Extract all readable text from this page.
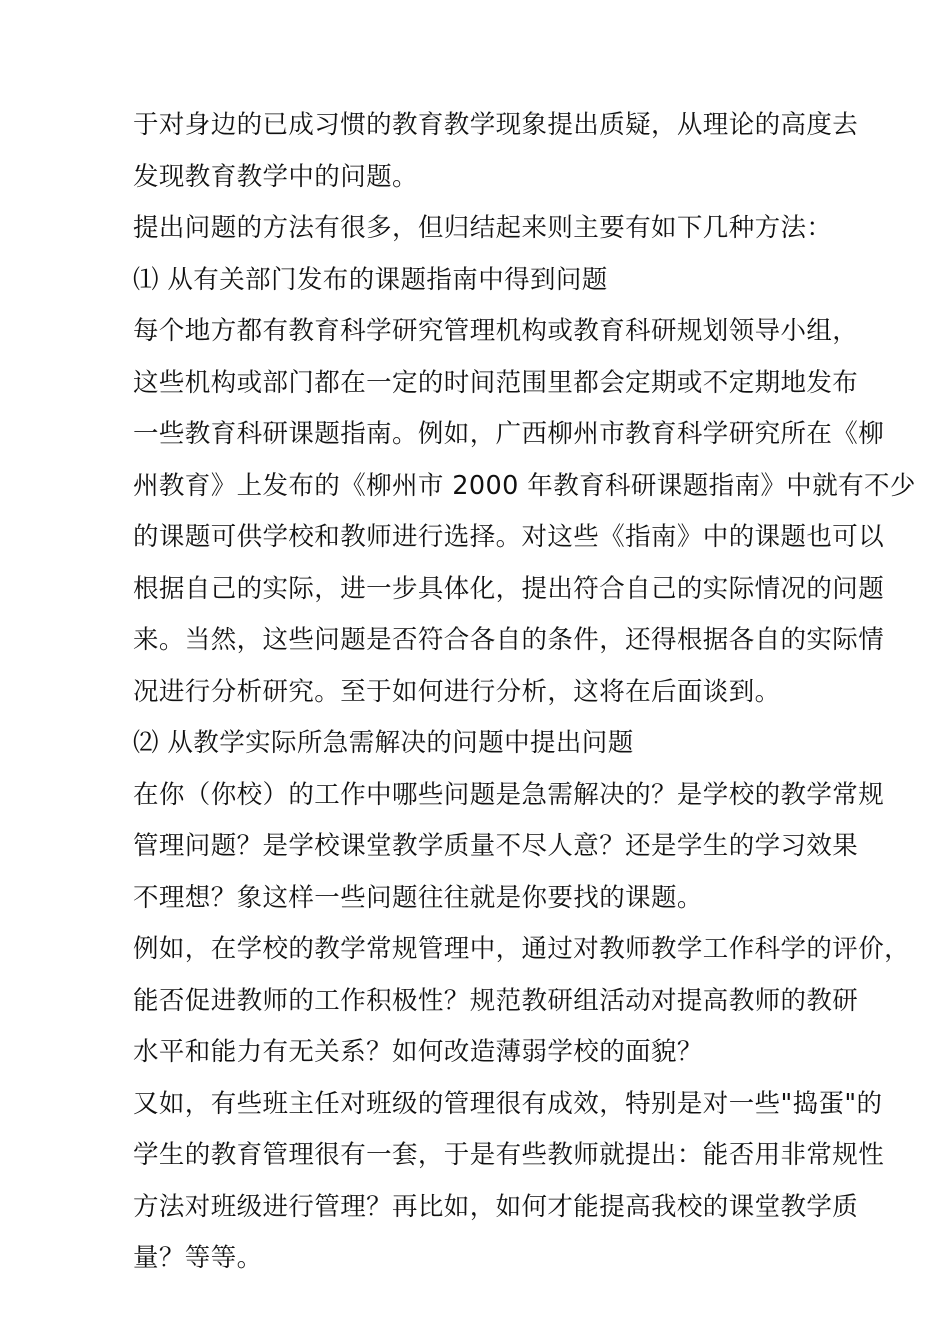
于对身边的已成习惯的教育教学现象提出质疑，从理论的高度去
发现教育教学中的问题。
提出问题的方法有很多，但归结起来则主要有如下几种方法：
⑴ 从有关部门发布的课题指南中得到问题
每个地方都有教育科学研究管理机构或教育科研规划领导小组，
这些机构或部门都在一定的时间范围里都会定期或不定期地发布
一些教育科研课题指南。例如，广西柳州市教育科学研究所在《柳
州教育》上发布的《柳州市 2000 年教育科研课题指南》中就有不少
的课题可供学校和教师进行选择。对这些《指南》中的课题也可以
根据自己的实际，进一步具体化，提出符合自己的实际情况的问题
来。当然，这些问题是否符合各自的条件，还得根据各自的实际情
况进行分析研究。至于如何进行分析，这将在后面谈到。
⑵ 从教学实际所急需解决的问题中提出问题
在你（你校）的工作中哪些问题是急需解决的？是学校的教学常规
管理问题？是学校课堂教学质量不尽人意？还是学生的学习效果
不理想？象这样一些问题往往就是你要找的课题。
例如，在学校的教学常规管理中，通过对教师教学工作科学的评价，
能否促进教师的工作积极性？规范教研组活动对提高教师的教研
水平和能力有无关系？如何改造薄弱学校的面貌？
又如，有些班主任对班级的管理很有成效，特别是对一些"捣蛋"的
学生的教育管理很有一套，于是有些教师就提出：能否用非常规性
方法对班级进行管理？再比如，如何才能提高我校的课堂教学质
量？等等。
